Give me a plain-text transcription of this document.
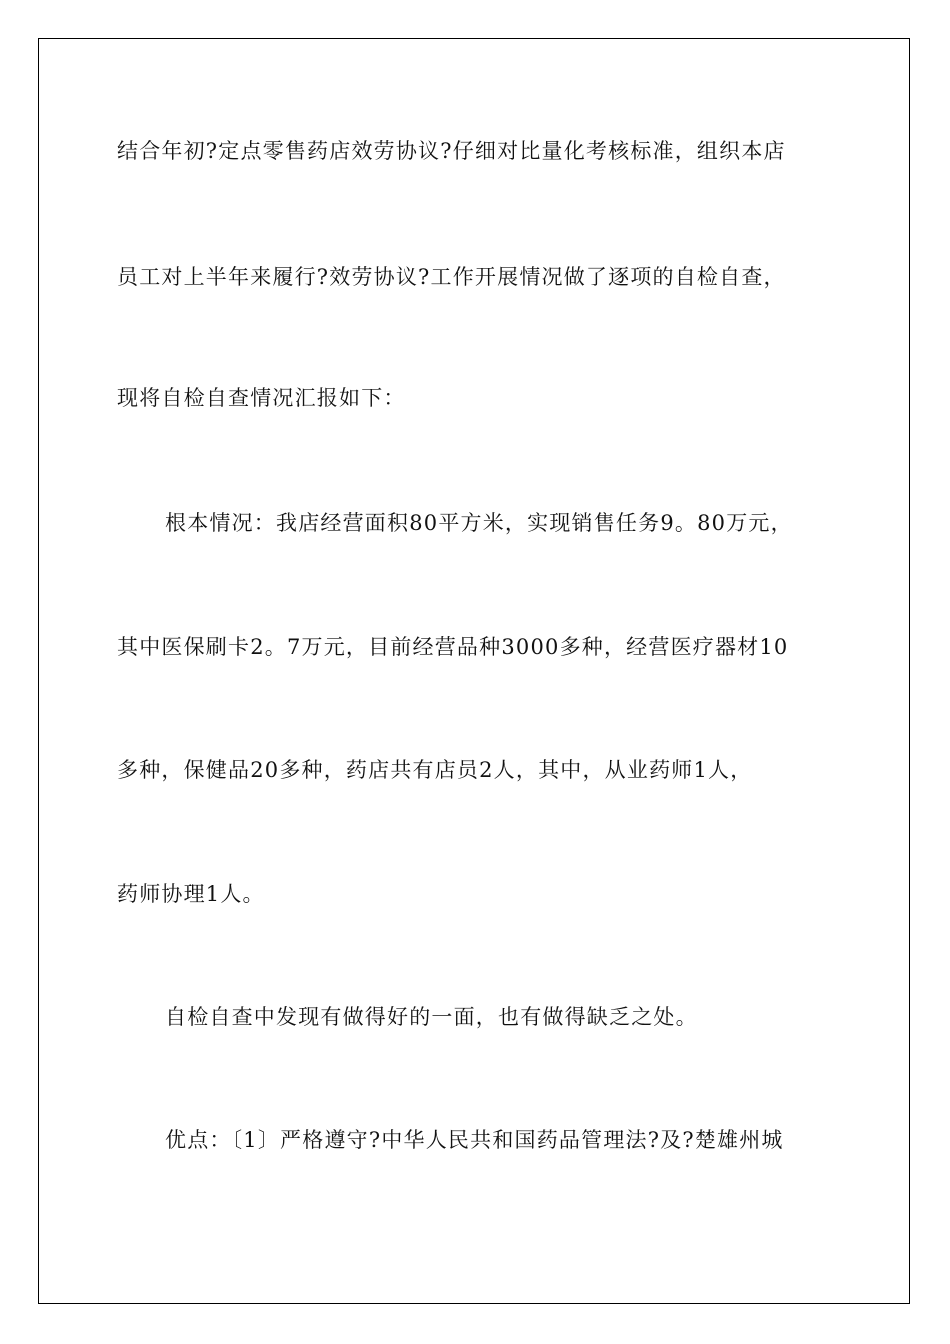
结合年初?定点零售药店效劳协议?仔细对比量化考核标准，组织本店
员工对上半年来履行?效劳协议?工作开展情况做了逐项的自检自查，
现将自检自查情况汇报如下：
根本情况：我店经营面积80平方米，实现销售任务9。80万元，
其中医保刷卡2。7万元，目前经营品种3000多种，经营医疗器材10
多种，保健品20多种，药店共有店员2人，其中，从业药师1人，
药师协理1人。
自检自查中发现有做得好的一面，也有做得缺乏之处。
优点：〔1〕严格遵守?中华人民共和国药品管理法?及?楚雄州城
